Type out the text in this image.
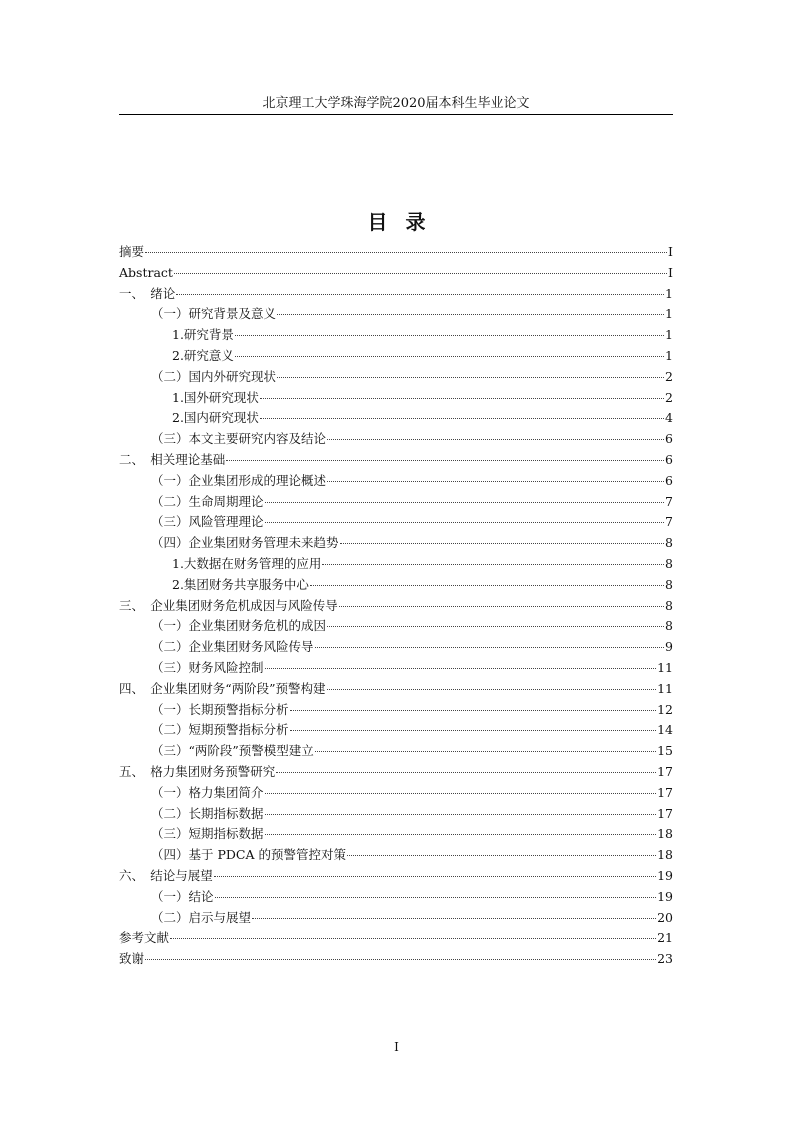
北京理工大学珠海学院2020届本科生毕业论文
目录
摘要	I
Abstract	I
一、　绪论	1
（一）研究背景及意义	1
1.研究背景	1
2.研究意义	1
（二）国内外研究现状	2
1.国外研究现状	2
2.国内研究现状	4
（三）本文主要研究内容及结论	6
二、　相关理论基础	6
（一）企业集团形成的理论概述	6
（二）生命周期理论	7
（三）风险管理理论	7
（四）企业集团财务管理未来趋势	8
1.大数据在财务管理的应用	8
2.集团财务共享服务中心	8
三、　企业集团财务危机成因与风险传导	8
（一）企业集团财务危机的成因	8
（二）企业集团财务风险传导	9
（三）财务风险控制	11
四、　企业集团财务“两阶段”预警构建	11
（一）长期预警指标分析	12
（二）短期预警指标分析	14
（三）“两阶段”预警模型建立	15
五、　格力集团财务预警研究	17
（一）格力集团简介	17
（二）长期指标数据	17
（三）短期指标数据	18
（四）基于 PDCA 的预警管控对策	18
六、　结论与展望	19
（一）结论	19
（二）启示与展望	20
参考文献	21
致谢	23
I
